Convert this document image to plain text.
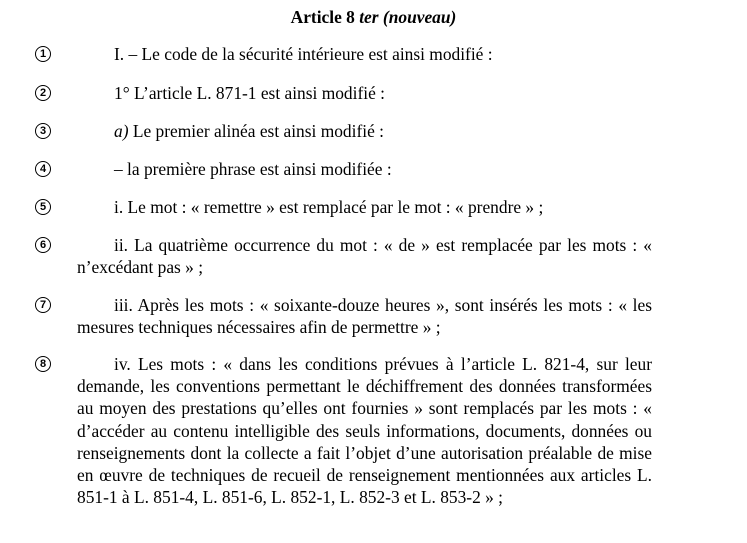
Article 8 ter (nouveau)
1	I. – Le code de la sécurité intérieure est ainsi modifié :
2	1° L’article L. 871-1 est ainsi modifié :
3	a) Le premier alinéa est ainsi modifié :
4	– la première phrase est ainsi modifiée :
5	i. Le mot : « remettre » est remplacé par le mot : « prendre » ;
6	ii. La quatrième occurrence du mot : « de » est remplacée par les mots : « n’excédant pas » ;
7	iii. Après les mots : « soixante-douze heures », sont insérés les mots : « les mesures techniques nécessaires afin de permettre » ;
8	iv. Les mots : « dans les conditions prévues à l’article L. 821-4, sur leur demande, les conventions permettant le déchiffrement des données transformées au moyen des prestations qu’elles ont fournies » sont remplacés par les mots : « d’accéder au contenu intelligible des seuls informations, documents, données ou renseignements dont la collecte a fait l’objet d’une autorisation préalable de mise en œuvre de techniques de recueil de renseignement mentionnées aux articles L. 851-1 à L. 851-4, L. 851-6, L. 852-1, L. 852-3 et L. 853-2 » ;
